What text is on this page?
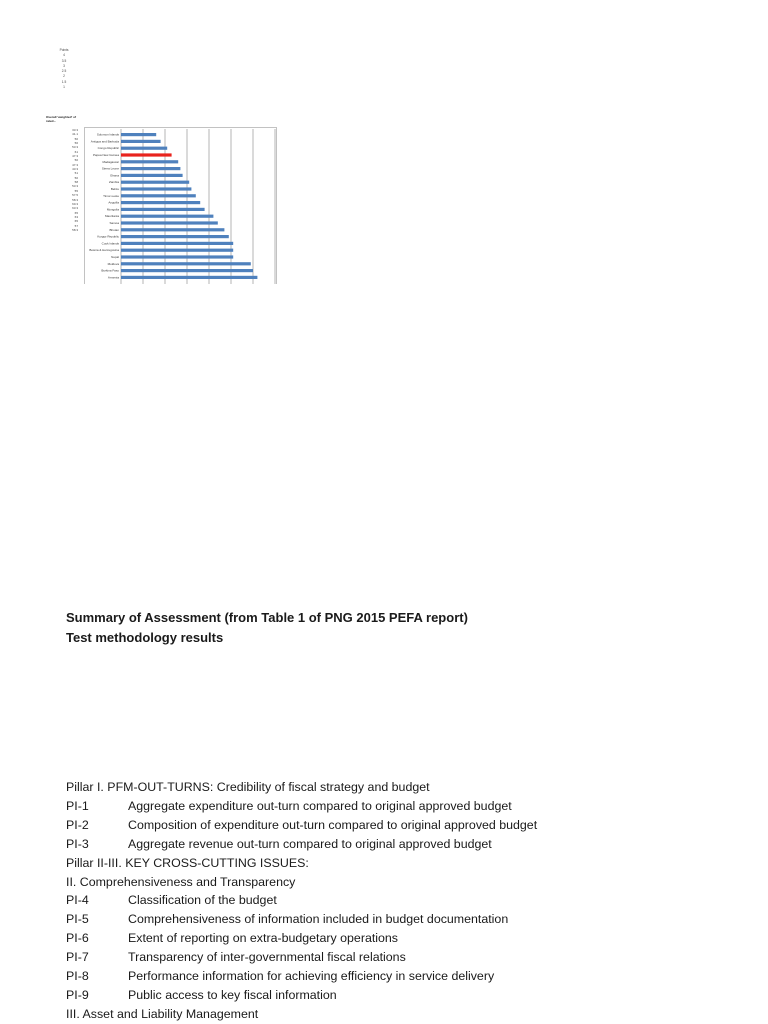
Points
4
3.5
3
2.5
2
1.5
1
Overall 'weighted' of rated...
33.3
41.1
50
56
53.3
61
47.3
50
47.3
43.3
51
50
58
53.3
55
57.5
58.3
60.3
63.3
65
63
65
57
58.3
Solomon Islands
Antigua and Barbuda
Congo Republic
Papua New Guinea
Madagascar
Sierra Leone
Ghana
Zambia
Belize
Timor-Leste
Anguilla
Mongolia
Mauritania
Samoa
Bhutan
Kyrgyz Republic
Cook Islands
Bosnia & Herzegovina
Nepal
Moldova
Burkina Faso
Armenia
Summary of Assessment (from Table 1 of PNG 2015 PEFA report)
Test methodology results
Pillar I. PFM-OUT-TURNS: Credibility of fiscal strategy and budget
PI-1	Aggregate expenditure out-turn compared to original approved budget
PI-2	Composition of expenditure out-turn compared to original approved budget
PI-3	Aggregate revenue out-turn compared to original approved budget
Pillar II-III. KEY CROSS-CUTTING ISSUES:
II. Comprehensiveness and Transparency
PI-4	Classification of the budget
PI-5	Comprehensiveness of information included in budget documentation
PI-6	Extent of reporting on extra-budgetary operations
PI-7	Transparency of inter-governmental fiscal relations
PI-8	Performance information for achieving efficiency in service delivery
PI-9	Public access to key fiscal information
III. Asset and Liability Management
